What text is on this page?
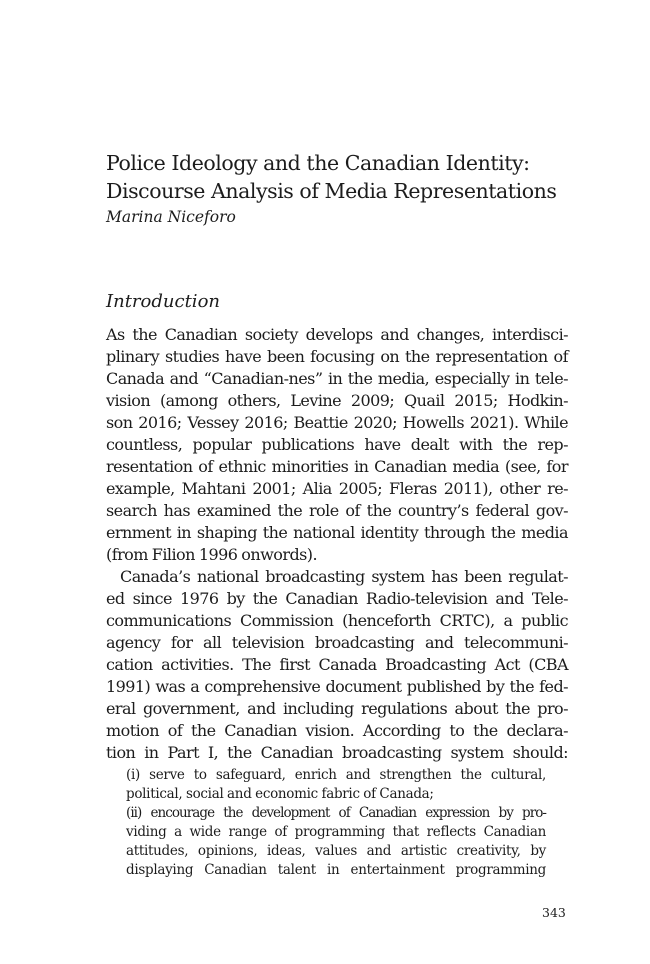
Police Ideology and the Canadian Identity:
Discourse Analysis of Media Representations

Marina Niceforo

Introduction
As the Canadian society develops and changes, interdisci-
plinary studies have been focusing on the representation of
Canada and “Canadian-nes” in the media, especially in tele-
vision (among others, Levine 2009; Quail 2015; Hodkin-
son 2016; Vessey 2016; Beattie 2020; Howells 2021). While
countless, popular publications have dealt with the rep-
resentation of ethnic minorities in Canadian media (see, for
example, Mahtani 2001; Alia 2005; Fleras 2011), other re-
search has examined the role of the country’s federal gov-
ernment in shaping the national identity through the media
(from Filion 1996 onwords).
Canada’s national broadcasting system has been regulat-
ed since 1976 by the Canadian Radio-television and Tele-
communications Commission (henceforth CRTC), a public
agency for all television broadcasting and telecommuni-
cation activities. The first Canada Broadcasting Act (CBA
1991) was a comprehensive document published by the fed-
eral government, and including regulations about the pro-
motion of the Canadian vision. According to the declara-
tion in Part I, the Canadian broadcasting system should:
(i) serve to safeguard, enrich and strengthen the cultural,
political, social and economic fabric of Canada;
(ii) encourage the development of Canadian expression by pro-
viding a wide range of programming that reflects Canadian
attitudes, opinions, ideas, values and artistic creativity, by
displaying Canadian talent in entertainment programming

343
